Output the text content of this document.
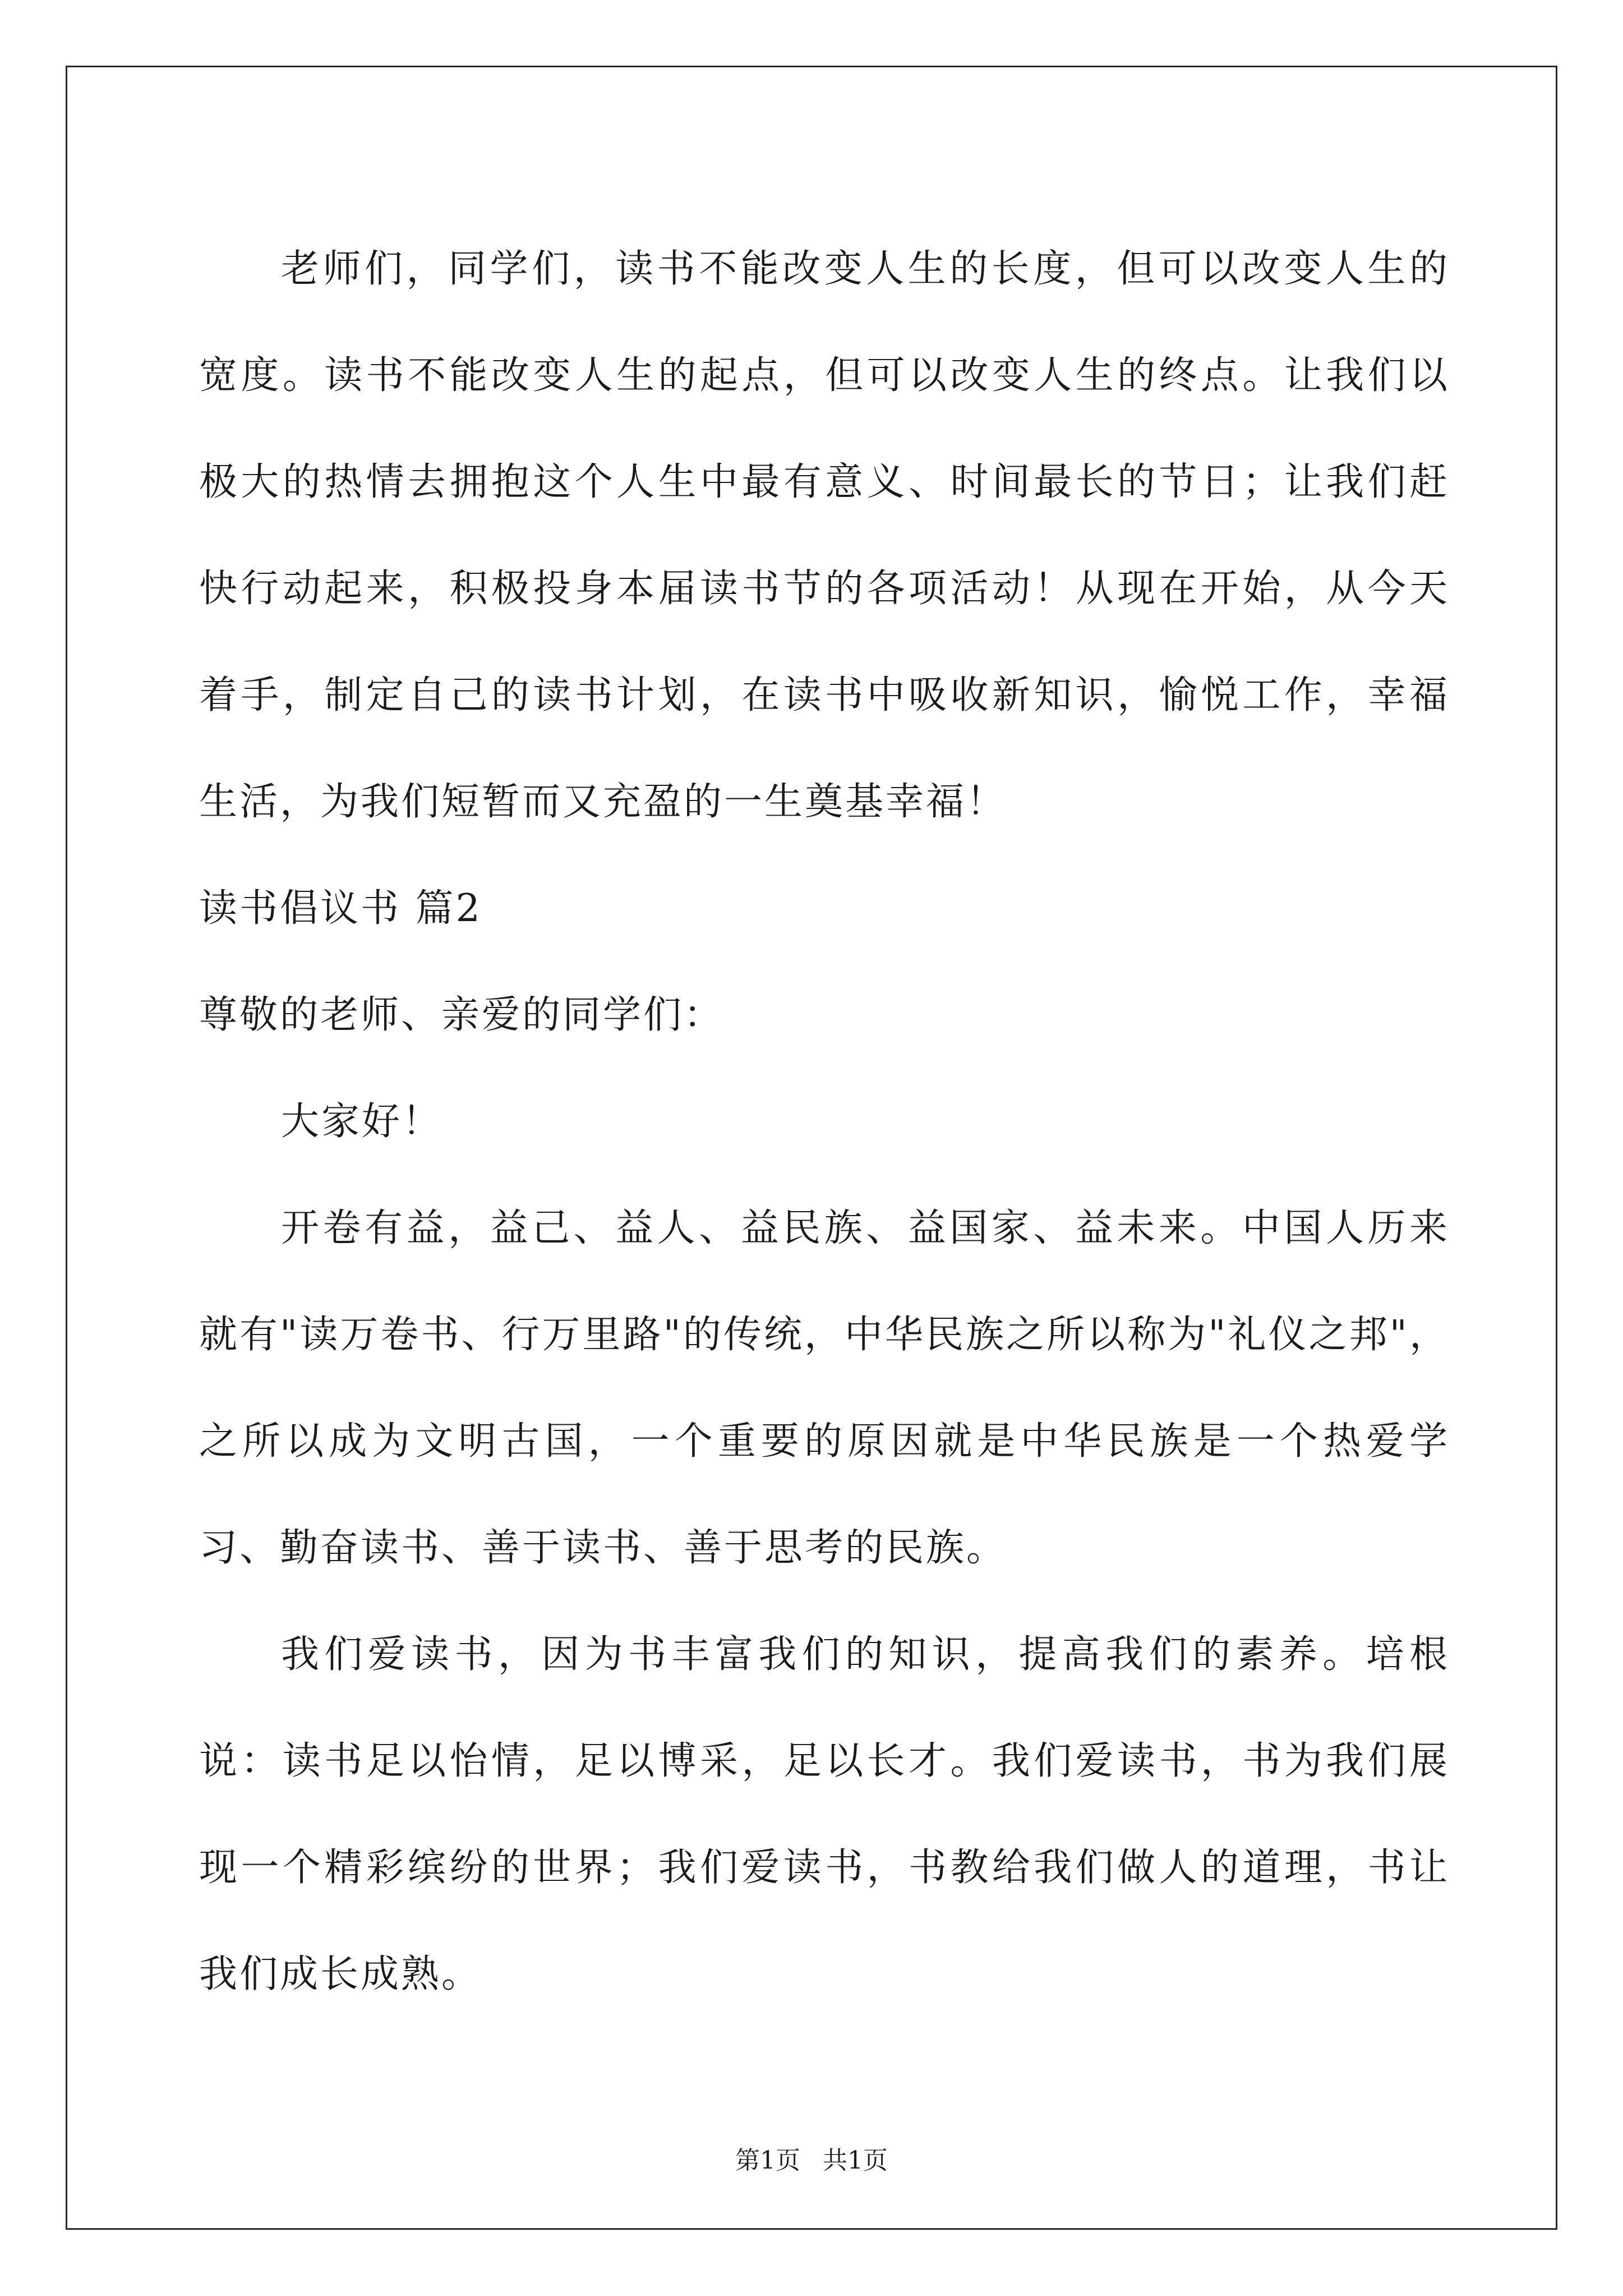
老师们，同学们，读书不能改变人生的长度，但可以改变人生的宽度。读书不能改变人生的起点，但可以改变人生的终点。让我们以极大的热情去拥抱这个人生中最有意义、时间最长的节日；让我们赶快行动起来，积极投身本届读书节的各项活动！从现在开始，从今天着手，制定自己的读书计划，在读书中吸收新知识，愉悦工作，幸福生活，为我们短暂而又充盈的一生奠基幸福！

读书倡议书 篇2

尊敬的老师、亲爱的同学们：

大家好！

开卷有益，益己、益人、益民族、益国家、益未来。中国人历来就有"读万卷书、行万里路"的传统，中华民族之所以称为"礼仪之邦"，之所以成为文明古国，一个重要的原因就是中华民族是一个热爱学习、勤奋读书、善于读书、善于思考的民族。

我们爱读书，因为书丰富我们的知识，提高我们的素养。培根说：读书足以怡情，足以博采，足以长才。我们爱读书，书为我们展现一个精彩缤纷的世界；我们爱读书，书教给我们做人的道理，书让我们成长成熟。

第1页 共1页
